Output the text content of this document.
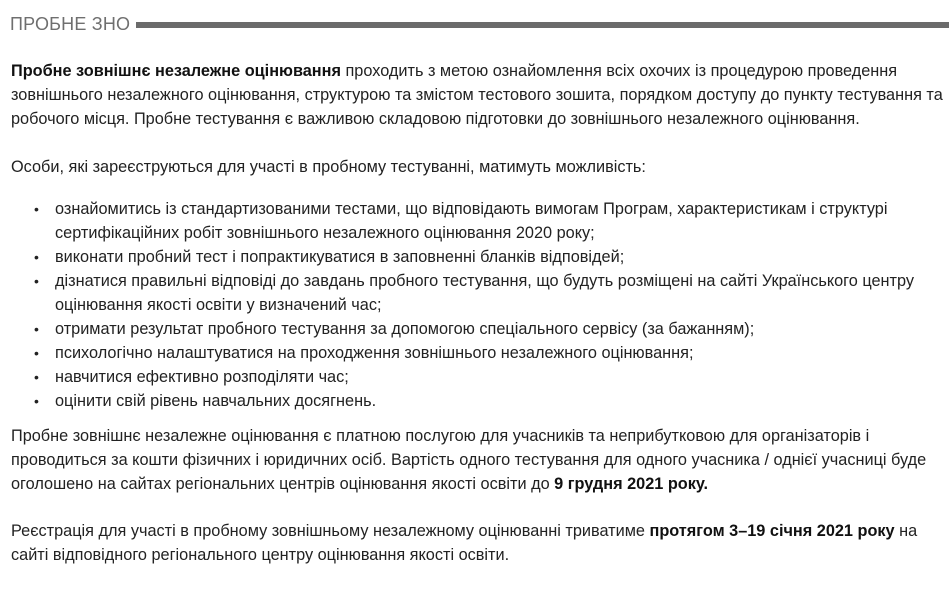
ПРОБНЕ ЗНО

Пробне зовнішнє незалежне оцінювання проходить з метою ознайомлення всіх охочих із процедурою проведення зовнішнього незалежного оцінювання, структурою та змістом тестового зошита, порядком доступу до пункту тестування та робочого місця. Пробне тестування є важливою складовою підготовки до зовнішнього незалежного оцінювання.

Особи, які зареєструються для участі в пробному тестуванні, матимуть можливість:

• ознайомитись із стандартизованими тестами, що відповідають вимогам Програм, характеристикам і структурі сертифікаційних робіт зовнішнього незалежного оцінювання 2020 року;
• виконати пробний тест і попрактикуватися в заповненні бланків відповідей;
• дізнатися правильні відповіді до завдань пробного тестування, що будуть розміщені на сайті Українського центру оцінювання якості освіти у визначений час;
• отримати результат пробного тестування за допомогою спеціального сервісу (за бажанням);
• психологічно налаштуватися на проходження зовнішнього незалежного оцінювання;
• навчитися ефективно розподіляти час;
• оцінити свій рівень навчальних досягнень.

Пробне зовнішнє незалежне оцінювання є платною послугою для учасників та неприбутковою для організаторів і проводиться за кошти фізичних і юридичних осіб. Вартість одного тестування для одного учасника / однієї учасниці буде оголошено на сайтах регіональних центрів оцінювання якості освіти до 9 грудня 2021 року.

Реєстрація для участі в пробному зовнішньому незалежному оцінюванні триватиме протягом 3–19 січня 2021 року на сайті відповідного регіонального центру оцінювання якості освіти.
